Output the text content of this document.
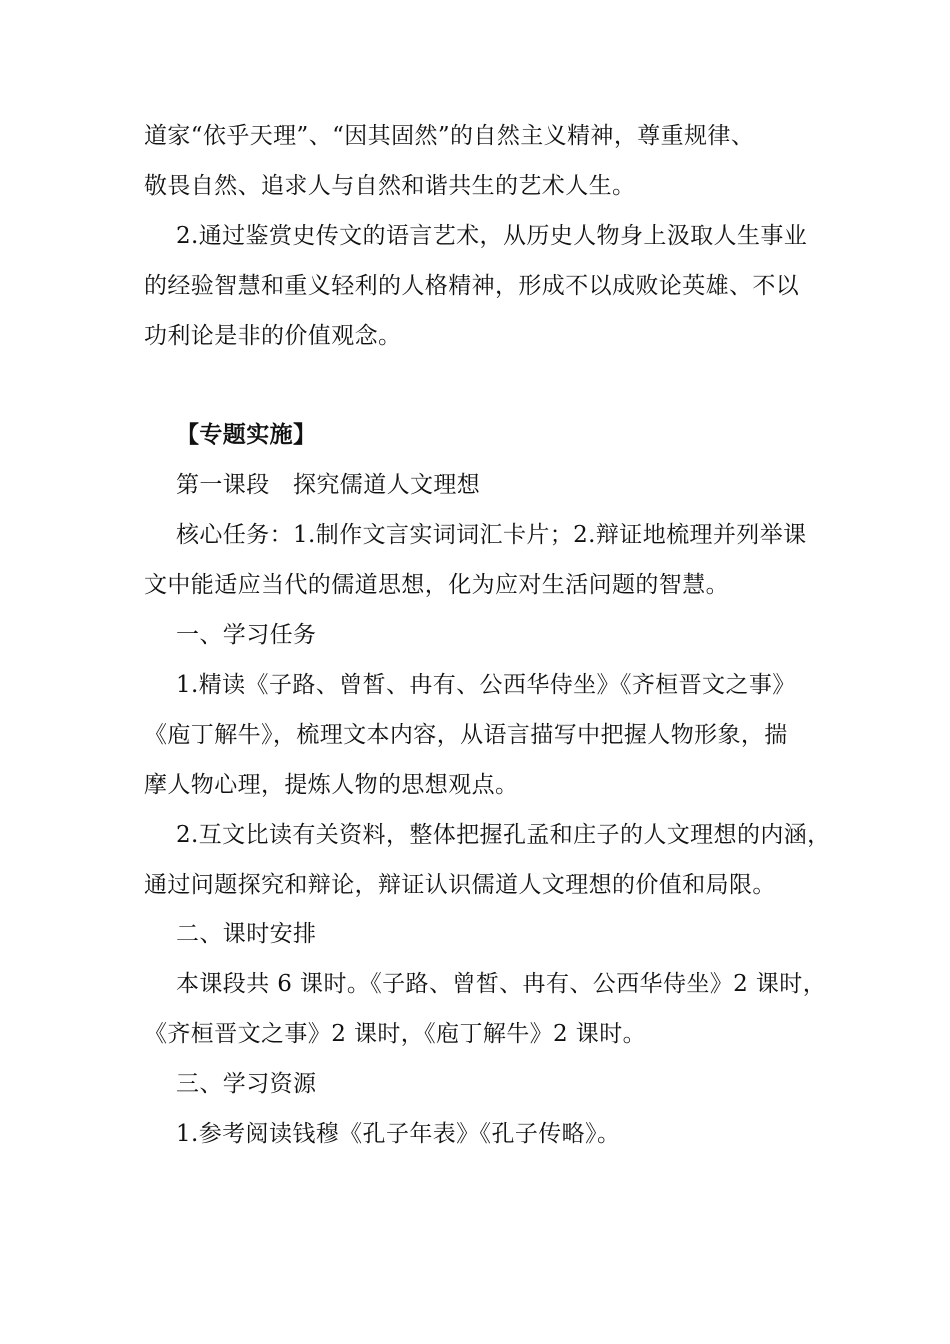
道家“依乎天理”、“因其固然”的自然主义精神，尊重规律、
敬畏自然、追求人与自然和谐共生的艺术人生。
2.通过鉴赏史传文的语言艺术，从历史人物身上汲取人生事业
的经验智慧和重义轻利的人格精神，形成不以成败论英雄、不以
功利论是非的价值观念。
【专题实施】
第一课段　探究儒道人文理想
核心任务：1.制作文言实词词汇卡片；2.辩证地梳理并列举课
文中能适应当代的儒道思想，化为应对生活问题的智慧。
一、学习任务
1.精读《子路、曾皙、冉有、公西华侍坐》《齐桓晋文之事》
《庖丁解牛》，梳理文本内容，从语言描写中把握人物形象，揣
摩人物心理，提炼人物的思想观点。
2.互文比读有关资料，整体把握孔孟和庄子的人文理想的内涵，
通过问题探究和辩论，辩证认识儒道人文理想的价值和局限。
二、课时安排
本课段共 6 课时。《子路、曾皙、冉有、公西华侍坐》2 课时，
《齐桓晋文之事》2 课时，《庖丁解牛》2 课时。
三、学习资源
1.参考阅读钱穆《孔子年表》《孔子传略》。
